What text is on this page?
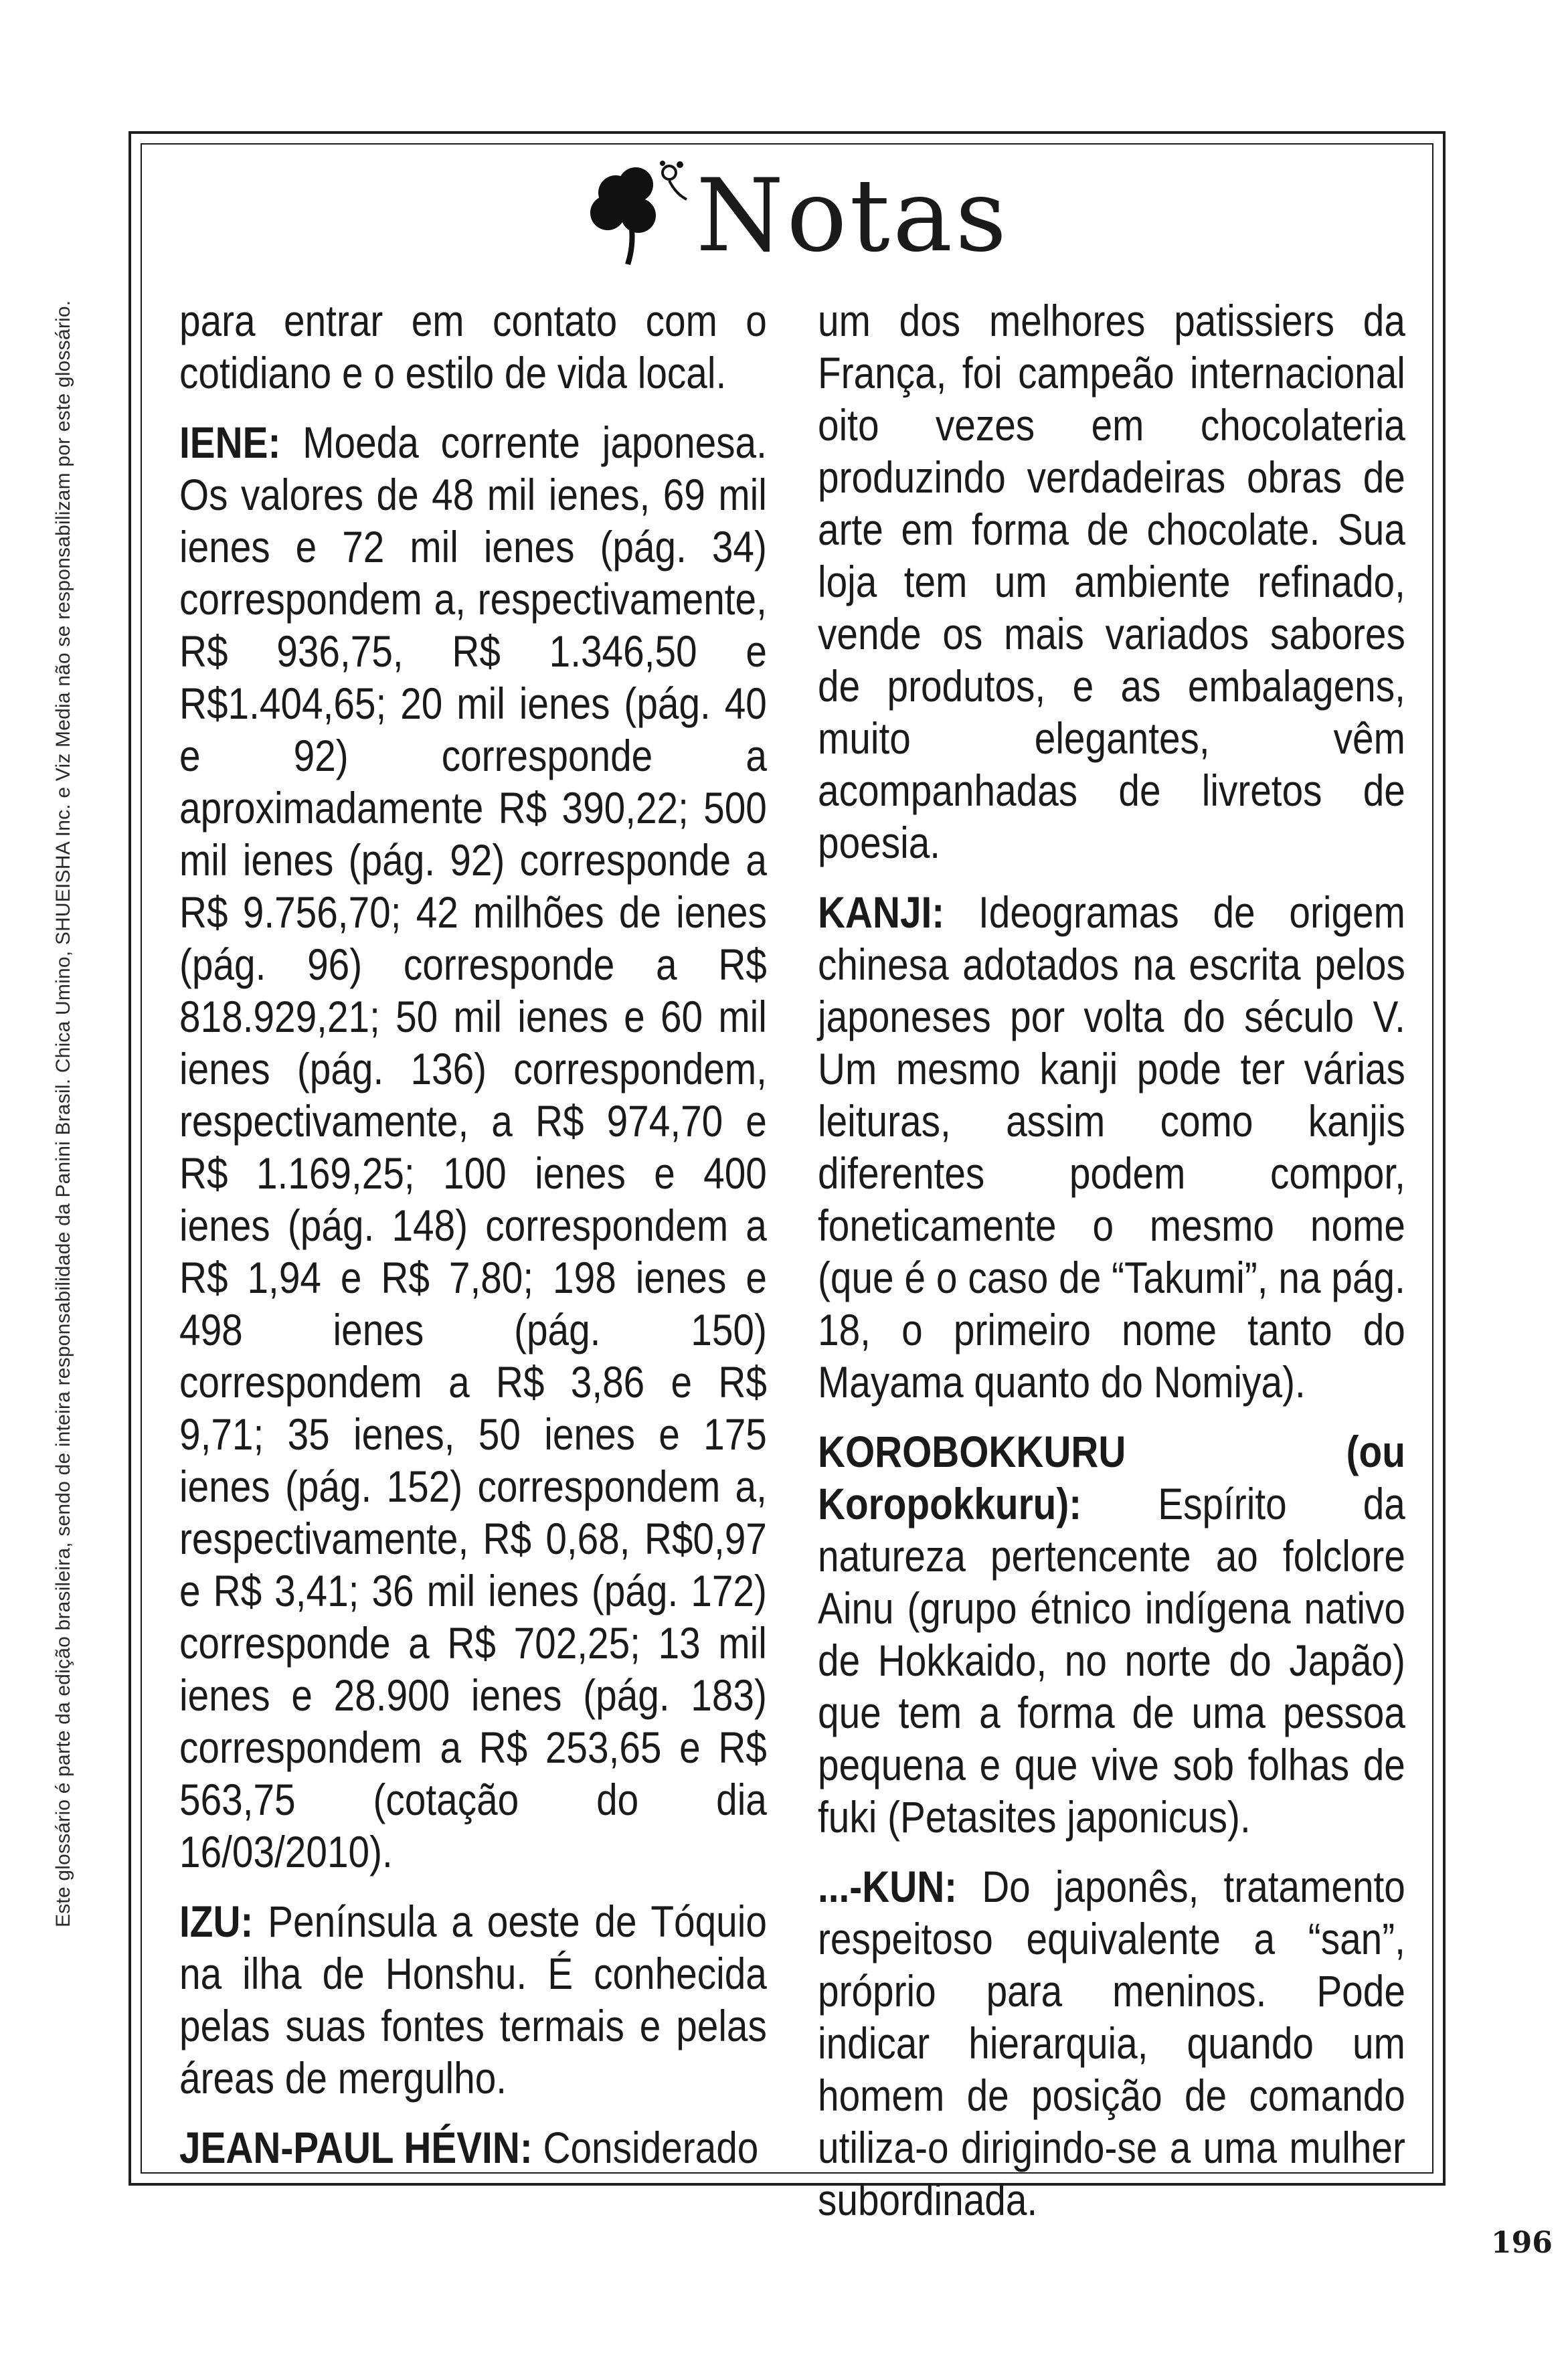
Este glossário é parte da edição brasileira, sendo de inteira responsabilidade da Panini Brasil. Chica Umino, SHUEISHA Inc. e Viz Media não se responsabilizam por este glossário.
Notas

para entrar em contato com o cotidiano e o estilo de vida local.

IENE: Moeda corrente japonesa. Os valores de 48 mil ienes, 69 mil ienes e 72 mil ienes (pág. 34) correspondem a, respectivamente, R$ 936,75, R$ 1.346,50 e R$1.404,65; 20 mil ienes (pág. 40 e 92) corresponde a aproximadamente R$ 390,22; 500 mil ienes (pág. 92) corresponde a R$ 9.756,70; 42 milhões de ienes (pág. 96) corresponde a R$ 818.929,21; 50 mil ienes e 60 mil ienes (pág. 136) correspondem, respectivamente, a R$ 974,70 e R$ 1.169,25; 100 ienes e 400 ienes (pág. 148) correspondem a R$ 1,94 e R$ 7,80; 198 ienes e 498 ienes (pág. 150) correspondem a R$ 3,86 e R$ 9,71; 35 ienes, 50 ienes e 175 ienes (pág. 152) correspondem a, respectivamente, R$ 0,68, R$0,97 e R$ 3,41; 36 mil ienes (pág. 172) corresponde a R$ 702,25; 13 mil ienes e 28.900 ienes (pág. 183) correspondem a R$ 253,65 e R$ 563,75 (cotação do dia 16/03/2010).

IZU: Península a oeste de Tóquio na ilha de Honshu. É conhecida pelas suas fontes termais e pelas áreas de mergulho.

JEAN-PAUL HÉVIN: Considerado

um dos melhores patissiers da França, foi campeão internacional oito vezes em chocolateria produzindo verdadeiras obras de arte em forma de chocolate. Sua loja tem um ambiente refinado, vende os mais variados sabores de produtos, e as embalagens, muito elegantes, vêm acompanhadas de livretos de poesia.

KANJI: Ideogramas de origem chinesa adotados na escrita pelos japoneses por volta do século V. Um mesmo kanji pode ter várias leituras, assim como kanjis diferentes podem compor, foneticamente o mesmo nome (que é o caso de “Takumi”, na pág. 18, o primeiro nome tanto do Mayama quanto do Nomiya).

KOROBOKKURU (ou Koropokkuru): Espírito da natureza pertencente ao folclore Ainu (grupo étnico indígena nativo de Hokkaido, no norte do Japão) que tem a forma de uma pessoa pequena e que vive sob folhas de fuki (Petasites japonicus).

...-KUN: Do japonês, tratamento respeitoso equivalente a “san”, próprio para meninos. Pode indicar hierarquia, quando um homem de posição de comando utiliza-o dirigindo-se a uma mulher subordinada.

196
